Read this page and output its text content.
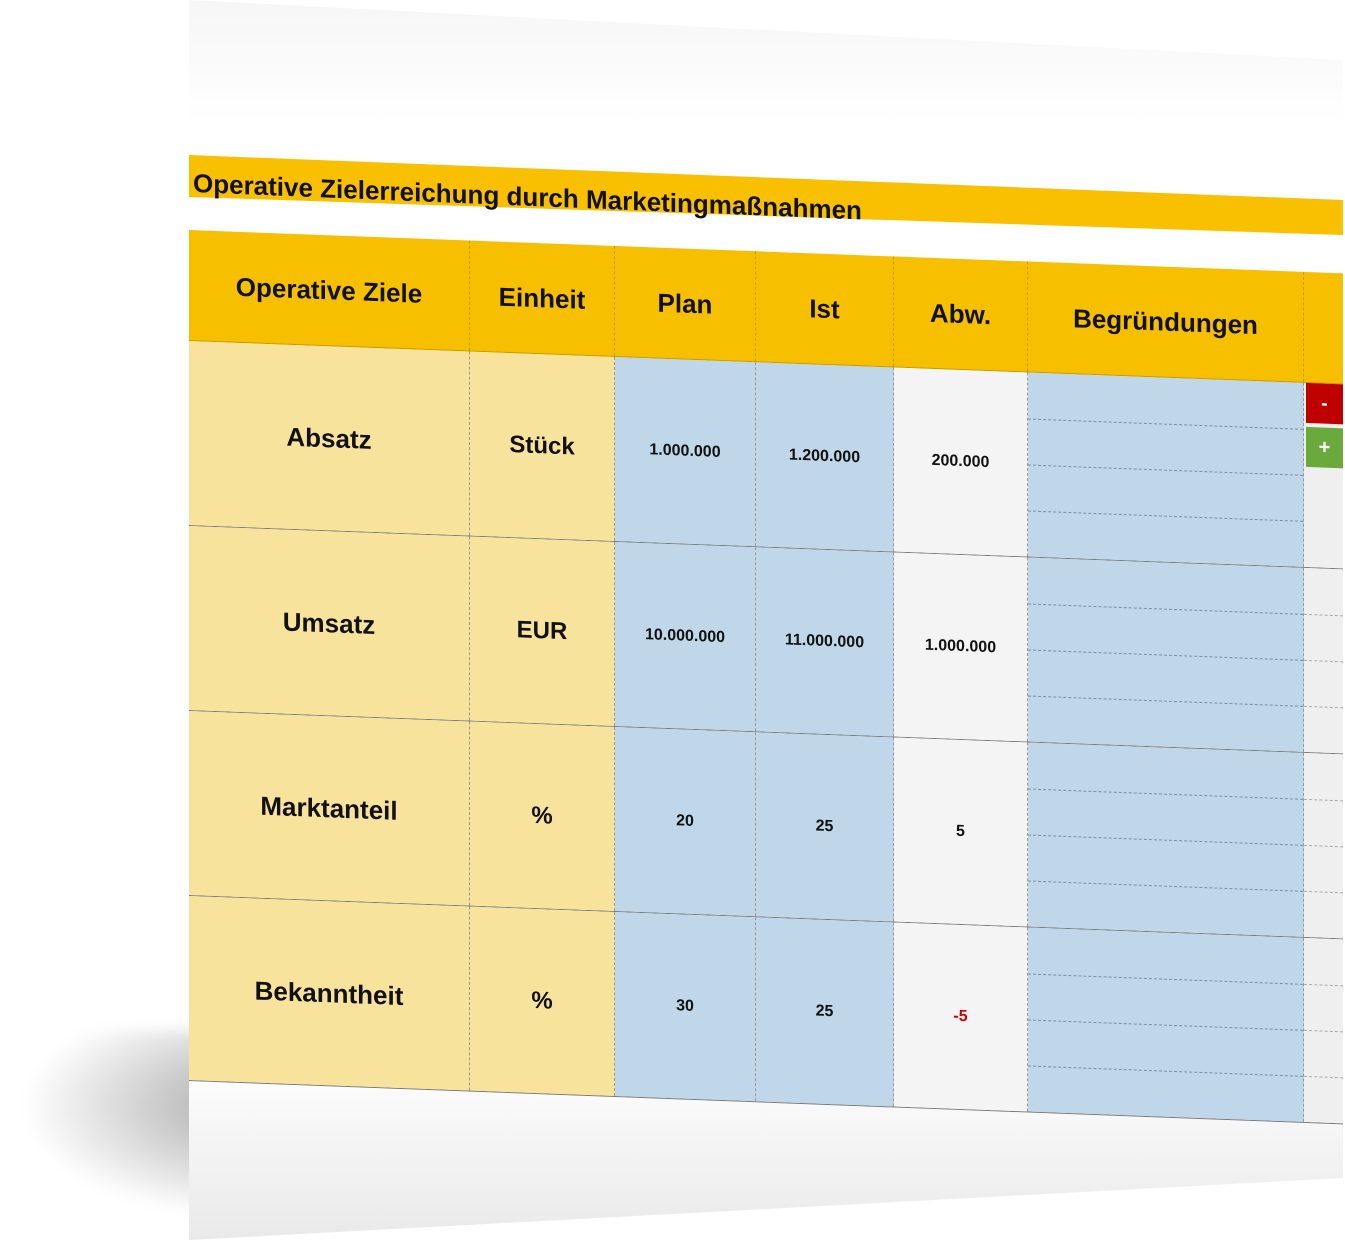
Operative Zielerreichung durch Marketingmaßnahmen
Operative Ziele	Einheit	Plan	Ist	Abw.	Begründungen
Absatz	Stück	1.000.000	1.200.000	200.000
-
+
Umsatz	EUR	10.000.000	11.000.000	1.000.000
Marktanteil	%	20	25	5
Bekanntheit	%	30	25	-5
